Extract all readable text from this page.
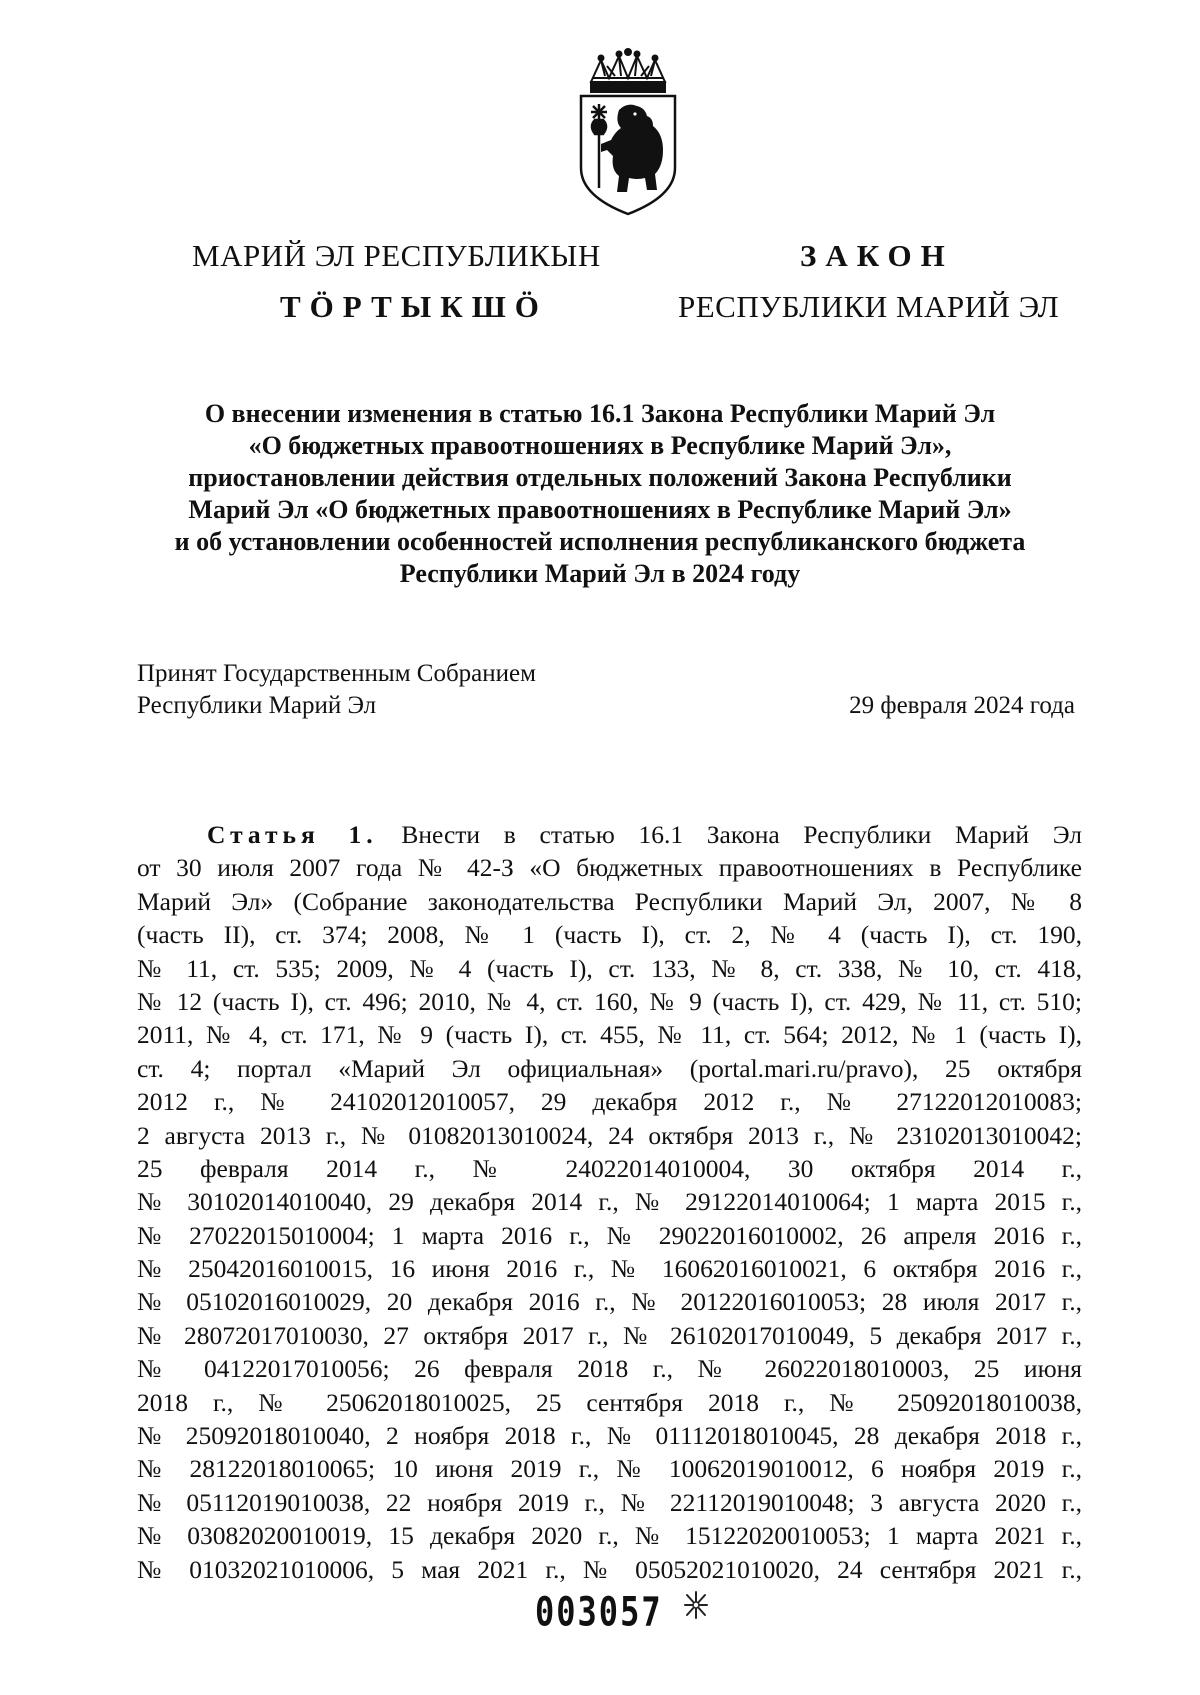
МАРИЙ ЭЛ РЕСПУБЛИКЫН
ТӦРТЫКШӦ
ЗАКОН
РЕСПУБЛИКИ МАРИЙ ЭЛ
О внесении изменения в статью 16.1 Закона Республики Марий Эл
«О бюджетных правоотношениях в Республике Марий Эл»,
приостановлении действия отдельных положений Закона Республики
Марий Эл «О бюджетных правоотношениях в Республике Марий Эл»
и об установлении особенностей исполнения республиканского бюджета
Республики Марий Эл в 2024 году
Принят Государственным Собранием
Республики Марий Эл	29 февраля 2024 года
Статья 1. Внести в статью 16.1 Закона Республики Марий Эл
от 30 июля 2007 года № 42-З «О бюджетных правоотношениях в Республике
Марий Эл» (Собрание законодательства Республики Марий Эл, 2007, № 8
(часть II), ст. 374; 2008, № 1 (часть I), ст. 2, № 4 (часть I), ст. 190,
№ 11, ст. 535; 2009, № 4 (часть I), ст. 133, № 8, ст. 338, № 10, ст. 418,
№ 12 (часть I), ст. 496; 2010, № 4, ст. 160, № 9 (часть I), ст. 429, № 11, ст. 510;
2011, № 4, ст. 171, № 9 (часть I), ст. 455, № 11, ст. 564; 2012, № 1 (часть I),
ст. 4; портал «Марий Эл официальная» (portal.mari.ru/pravo), 25 октября
2012 г., № 24102012010057, 29 декабря 2012 г., № 27122012010083;
2 августа 2013 г., № 01082013010024, 24 октября 2013 г., № 23102013010042;
25 февраля 2014 г., № 24022014010004, 30 октября 2014 г.,
№ 30102014010040, 29 декабря 2014 г., № 29122014010064; 1 марта 2015 г.,
№ 27022015010004; 1 марта 2016 г., № 29022016010002, 26 апреля 2016 г.,
№ 25042016010015, 16 июня 2016 г., № 16062016010021, 6 октября 2016 г.,
№ 05102016010029, 20 декабря 2016 г., № 20122016010053; 28 июля 2017 г.,
№ 28072017010030, 27 октября 2017 г., № 26102017010049, 5 декабря 2017 г.,
№ 04122017010056; 26 февраля 2018 г., № 26022018010003, 25 июня
2018 г., № 25062018010025, 25 сентября 2018 г., № 25092018010038,
№ 25092018010040, 2 ноября 2018 г., № 01112018010045, 28 декабря 2018 г.,
№ 28122018010065; 10 июня 2019 г., № 10062019010012, 6 ноября 2019 г.,
№ 05112019010038, 22 ноября 2019 г., № 22112019010048; 3 августа 2020 г.,
№ 03082020010019, 15 декабря 2020 г., № 15122020010053; 1 марта 2021 г.,
№ 01032021010006, 5 мая 2021 г., № 05052021010020, 24 сентября 2021 г.,
003057
